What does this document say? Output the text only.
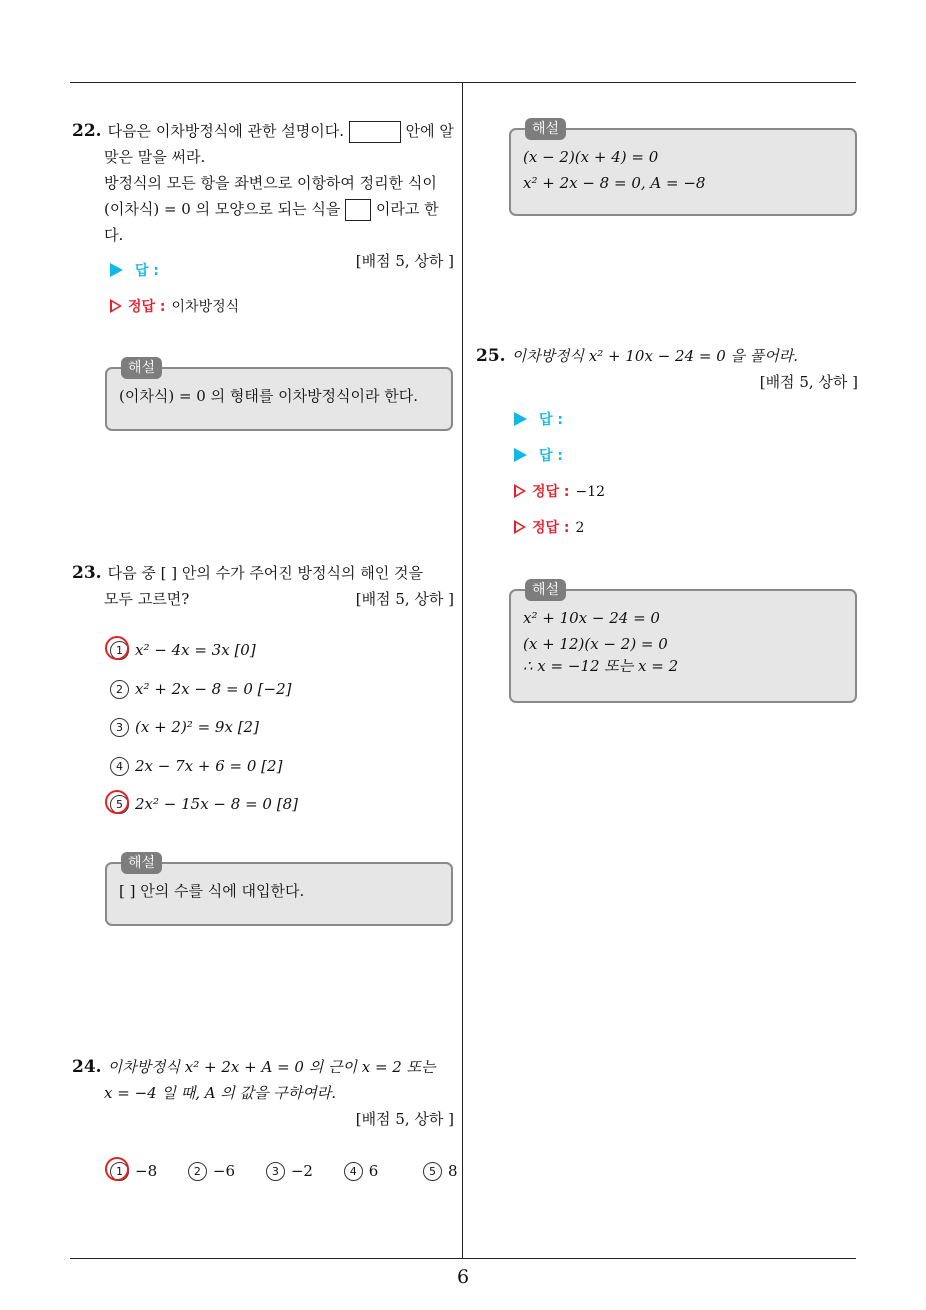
6
22. 다음은 이차방정식에 관한 설명이다.	안에 알
맞은 말을 써라.
방정식의 모든 항을 좌변으로 이항하여 정리한 식이
(이차식) = 0 의 모양으로 되는 식을 이라고 한다.
[배점 5, 상하 ]
답 :
정답 : 이차방정식
해설
(이차식) = 0 의 형태를 이차방정식이라 한다.
23. 다음 중 [ ] 안의 수가 주어진 방정식의 해인 것을
모두 고르면?	[배점 5, 상하 ]
1 x² − 4x = 3x [0]
2 x² + 2x − 8 = 0 [−2]
3 (x + 2)² = 9x [2]
4 2x − 7x + 6 = 0 [2]
5 2x² − 15x − 8 = 0 [8]
해설
[ ] 안의 수를 식에 대입한다.
24. 이차방정식 x² + 2x + A = 0 의 근이 x = 2 또는
x = −4 일 때, A 의 값을 구하여라.
[배점 5, 상하 ]
1 −8	2 −6	3 −2	4 6	5 8
해설
(x − 2)(x + 4) = 0
x² + 2x − 8 = 0, A = −8
25. 이차방정식 x² + 10x − 24 = 0 을 풀어라.
[배점 5, 상하 ]
답 :
답 :
정답 : −12
정답 : 2
해설
x² + 10x − 24 = 0
(x + 12)(x − 2) = 0
∴ x = −12 또는 x = 2
